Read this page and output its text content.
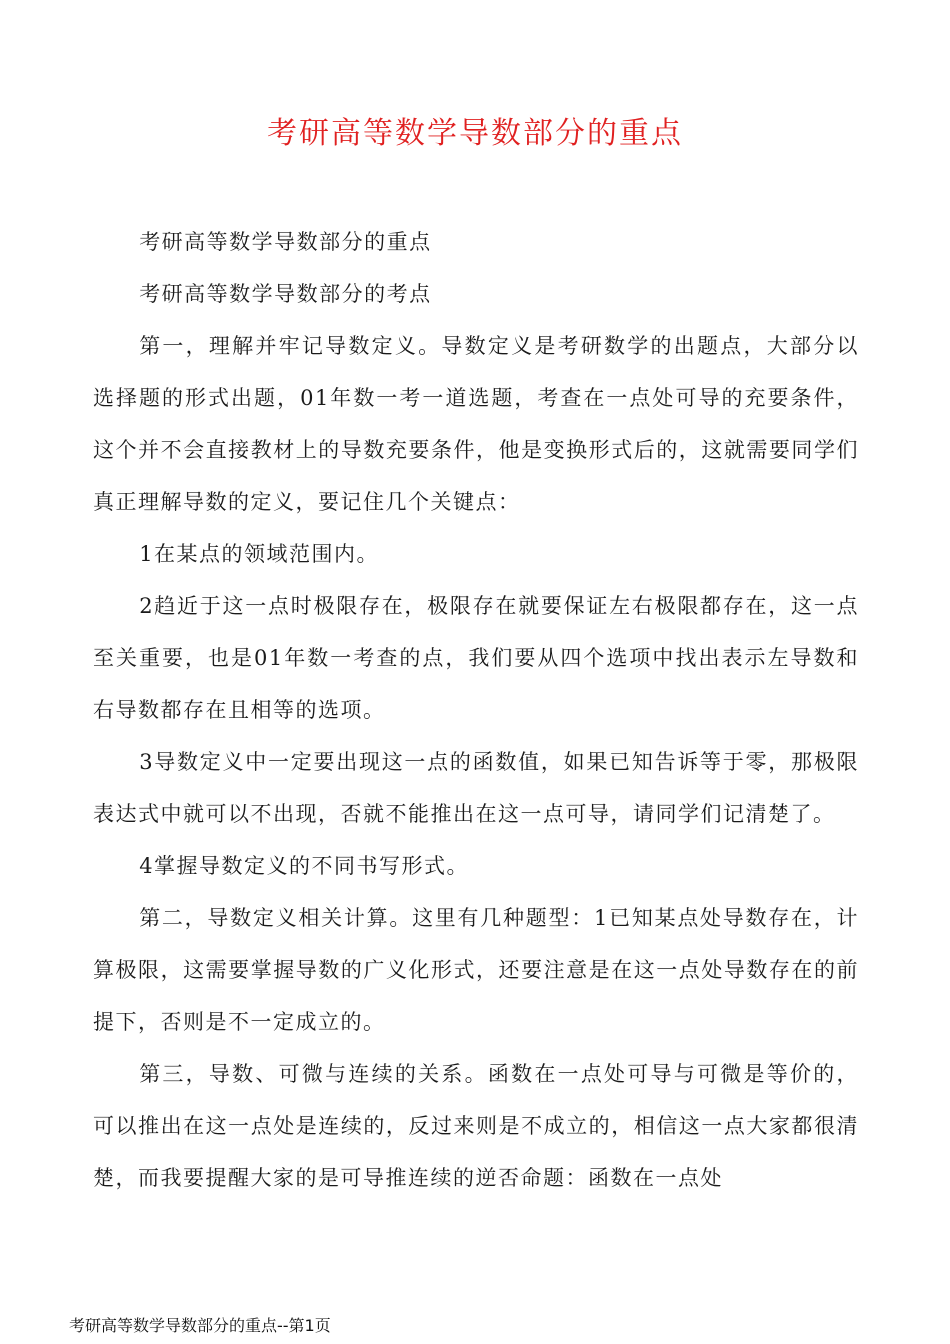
考研高等数学导数部分的重点

考研高等数学导数部分的重点

考研高等数学导数部分的考点

第一，理解并牢记导数定义。导数定义是考研数学的出题点，大部分以选择题的形式出题，01年数一考一道选题，考查在一点处可导的充要条件，这个并不会直接教材上的导数充要条件，他是变换形式后的，这就需要同学们真正理解导数的定义，要记住几个关键点：

1在某点的领域范围内。

2趋近于这一点时极限存在，极限存在就要保证左右极限都存在，这一点至关重要，也是01年数一考查的点，我们要从四个选项中找出表示左导数和右导数都存在且相等的选项。

3导数定义中一定要出现这一点的函数值，如果已知告诉等于零，那极限表达式中就可以不出现，否就不能推出在这一点可导，请同学们记清楚了。

4掌握导数定义的不同书写形式。

第二，导数定义相关计算。这里有几种题型：1已知某点处导数存在，计算极限，这需要掌握导数的广义化形式，还要注意是在这一点处导数存在的前提下，否则是不一定成立的。

第三，导数、可微与连续的关系。函数在一点处可导与可微是等价的，可以推出在这一点处是连续的，反过来则是不成立的，相信这一点大家都很清楚，而我要提醒大家的是可导推连续的逆否命题：函数在一点处

考研高等数学导数部分的重点--第1页
